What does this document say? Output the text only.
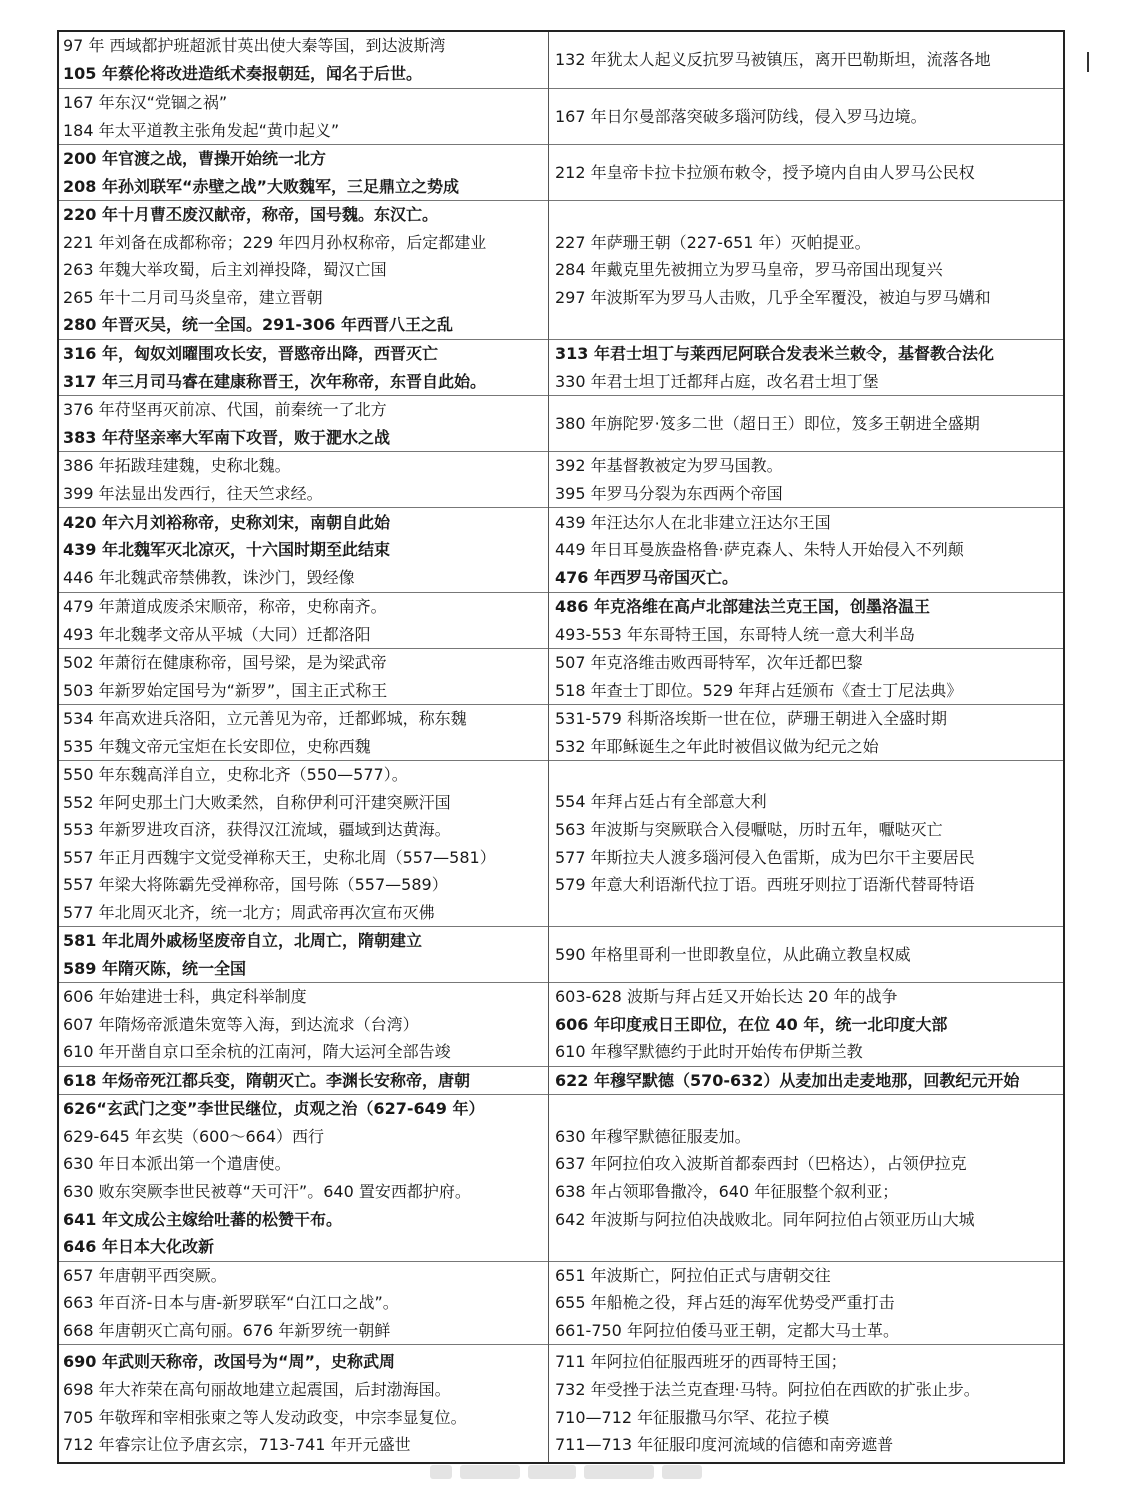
97 年 西域都护班超派甘英出使大秦等国，到达波斯湾
105 年蔡伦将改进造纸术奏报朝廷，闻名于后世。
132 年犹太人起义反抗罗马被镇压，离开巴勒斯坦，流落各地
167 年东汉“党锢之祸”
184 年太平道教主张角发起“黄巾起义”
167 年日尔曼部落突破多瑙河防线，侵入罗马边境。
200 年官渡之战，曹操开始统一北方
208 年孙刘联军“赤壁之战”大败魏军，三足鼎立之势成
212 年皇帝卡拉卡拉颁布敕令，授予境内自由人罗马公民权
220 年十月曹丕废汉献帝，称帝，国号魏。东汉亡。
221 年刘备在成都称帝；229 年四月孙权称帝，后定都建业
263 年魏大举攻蜀，后主刘禅投降，蜀汉亡国
265 年十二月司马炎皇帝，建立晋朝
280 年晋灭吴，统一全国。291-306 年西晋八王之乱
227 年萨珊王朝（227-651 年）灭帕提亚。
284 年戴克里先被拥立为罗马皇帝，罗马帝国出现复兴
297 年波斯军为罗马人击败，几乎全军覆没，被迫与罗马媾和
316 年，匈奴刘曜围攻长安，晋愍帝出降，西晋灭亡
317 年三月司马睿在建康称晋王，次年称帝，东晋自此始。
313 年君士坦丁与莱西尼阿联合发表米兰敕令，基督教合法化
330 年君士坦丁迁都拜占庭，改名君士坦丁堡
376 年苻坚再灭前凉、代国，前秦统一了北方
383 年苻坚亲率大军南下攻晋，败于淝水之战
380 年旃陀罗·笈多二世（超日王）即位，笈多王朝进全盛期
386 年拓跋珪建魏，史称北魏。
399 年法显出发西行，往天竺求经。
392 年基督教被定为罗马国教。
395 年罗马分裂为东西两个帝国
420 年六月刘裕称帝，史称刘宋，南朝自此始
439 年北魏军灭北凉灭，十六国时期至此结束
446 年北魏武帝禁佛教，诛沙门，毁经像
439 年汪达尔人在北非建立汪达尔王国
449 年日耳曼族盎格鲁·萨克森人、朱特人开始侵入不列颠
476 年西罗马帝国灭亡。
479 年萧道成废杀宋顺帝，称帝，史称南齐。
493 年北魏孝文帝从平城（大同）迁都洛阳
486 年克洛维在高卢北部建法兰克王国，创墨洛温王
493-553 年东哥特王国，东哥特人统一意大利半岛
502 年萧衍在健康称帝，国号梁，是为梁武帝
503 年新罗始定国号为“新罗”，国主正式称王
507 年克洛维击败西哥特军，次年迁都巴黎
518 年查士丁即位。529 年拜占廷颁布《查士丁尼法典》
534 年高欢进兵洛阳，立元善见为帝，迁都邺城，称东魏
535 年魏文帝元宝炬在长安即位，史称西魏
531-579 科斯洛埃斯一世在位，萨珊王朝进入全盛时期
532 年耶稣诞生之年此时被倡议做为纪元之始
550 年东魏高洋自立，史称北齐（550—577）。
552 年阿史那土门大败柔然，自称伊利可汗建突厥汗国
553 年新罗进攻百济，获得汉江流域，疆域到达黄海。
557 年正月西魏宇文觉受禅称天王，史称北周（557—581）
557 年梁大将陈霸先受禅称帝，国号陈（557—589）
577 年北周灭北齐，统一北方；周武帝再次宣布灭佛
554 年拜占廷占有全部意大利
563 年波斯与突厥联合入侵嚈哒，历时五年，嚈哒灭亡
577 年斯拉夫人渡多瑙河侵入色雷斯，成为巴尔干主要居民
579 年意大利语渐代拉丁语。西班牙则拉丁语渐代替哥特语
581 年北周外戚杨坚废帝自立，北周亡，隋朝建立
589 年隋灭陈，统一全国
590 年格里哥利一世即教皇位，从此确立教皇权威
606 年始建进士科，典定科举制度
607 年隋炀帝派遣朱宽等入海，到达流求（台湾）
610 年开凿自京口至余杭的江南河，隋大运河全部告竣
603-628 波斯与拜占廷又开始长达 20 年的战争
606 年印度戒日王即位，在位 40 年，统一北印度大部
610 年穆罕默德约于此时开始传布伊斯兰教
618 年炀帝死江都兵变，隋朝灭亡。李渊长安称帝，唐朝	622 年穆罕默德（570-632）从麦加出走麦地那，回教纪元开始
626“玄武门之变”李世民继位，贞观之治（627-649 年）
629-645 年玄奘（600～664）西行
630 年日本派出第一个遣唐使。
630 败东突厥李世民被尊“天可汗”。640 置安西都护府。
641 年文成公主嫁给吐蕃的松赞干布。
646 年日本大化改新
630 年穆罕默德征服麦加。
637 年阿拉伯攻入波斯首都泰西封（巴格达），占领伊拉克
638 年占领耶鲁撒冷，640 年征服整个叙利亚；
642 年波斯与阿拉伯决战败北。同年阿拉伯占领亚历山大城
657 年唐朝平西突厥。
663 年百济-日本与唐-新罗联军“白江口之战”。
668 年唐朝灭亡高句丽。676 年新罗统一朝鲜
651 年波斯亡，阿拉伯正式与唐朝交往
655 年船桅之役，拜占廷的海军优势受严重打击
661-750 年阿拉伯倭马亚王朝，定都大马士革。
690 年武则天称帝，改国号为“周”，史称武周
698 年大祚荣在高句丽故地建立起震国，后封渤海国。
705 年敬珲和宰相张柬之等人发动政变，中宗李显复位。
712 年睿宗让位予唐玄宗，713-741 年开元盛世
711 年阿拉伯征服西班牙的西哥特王国；
732 年受挫于法兰克查理·马特。阿拉伯在西欧的扩张止步。
710—712 年征服撒马尔罕、花拉子模
711—713 年征服印度河流域的信德和南旁遮普
